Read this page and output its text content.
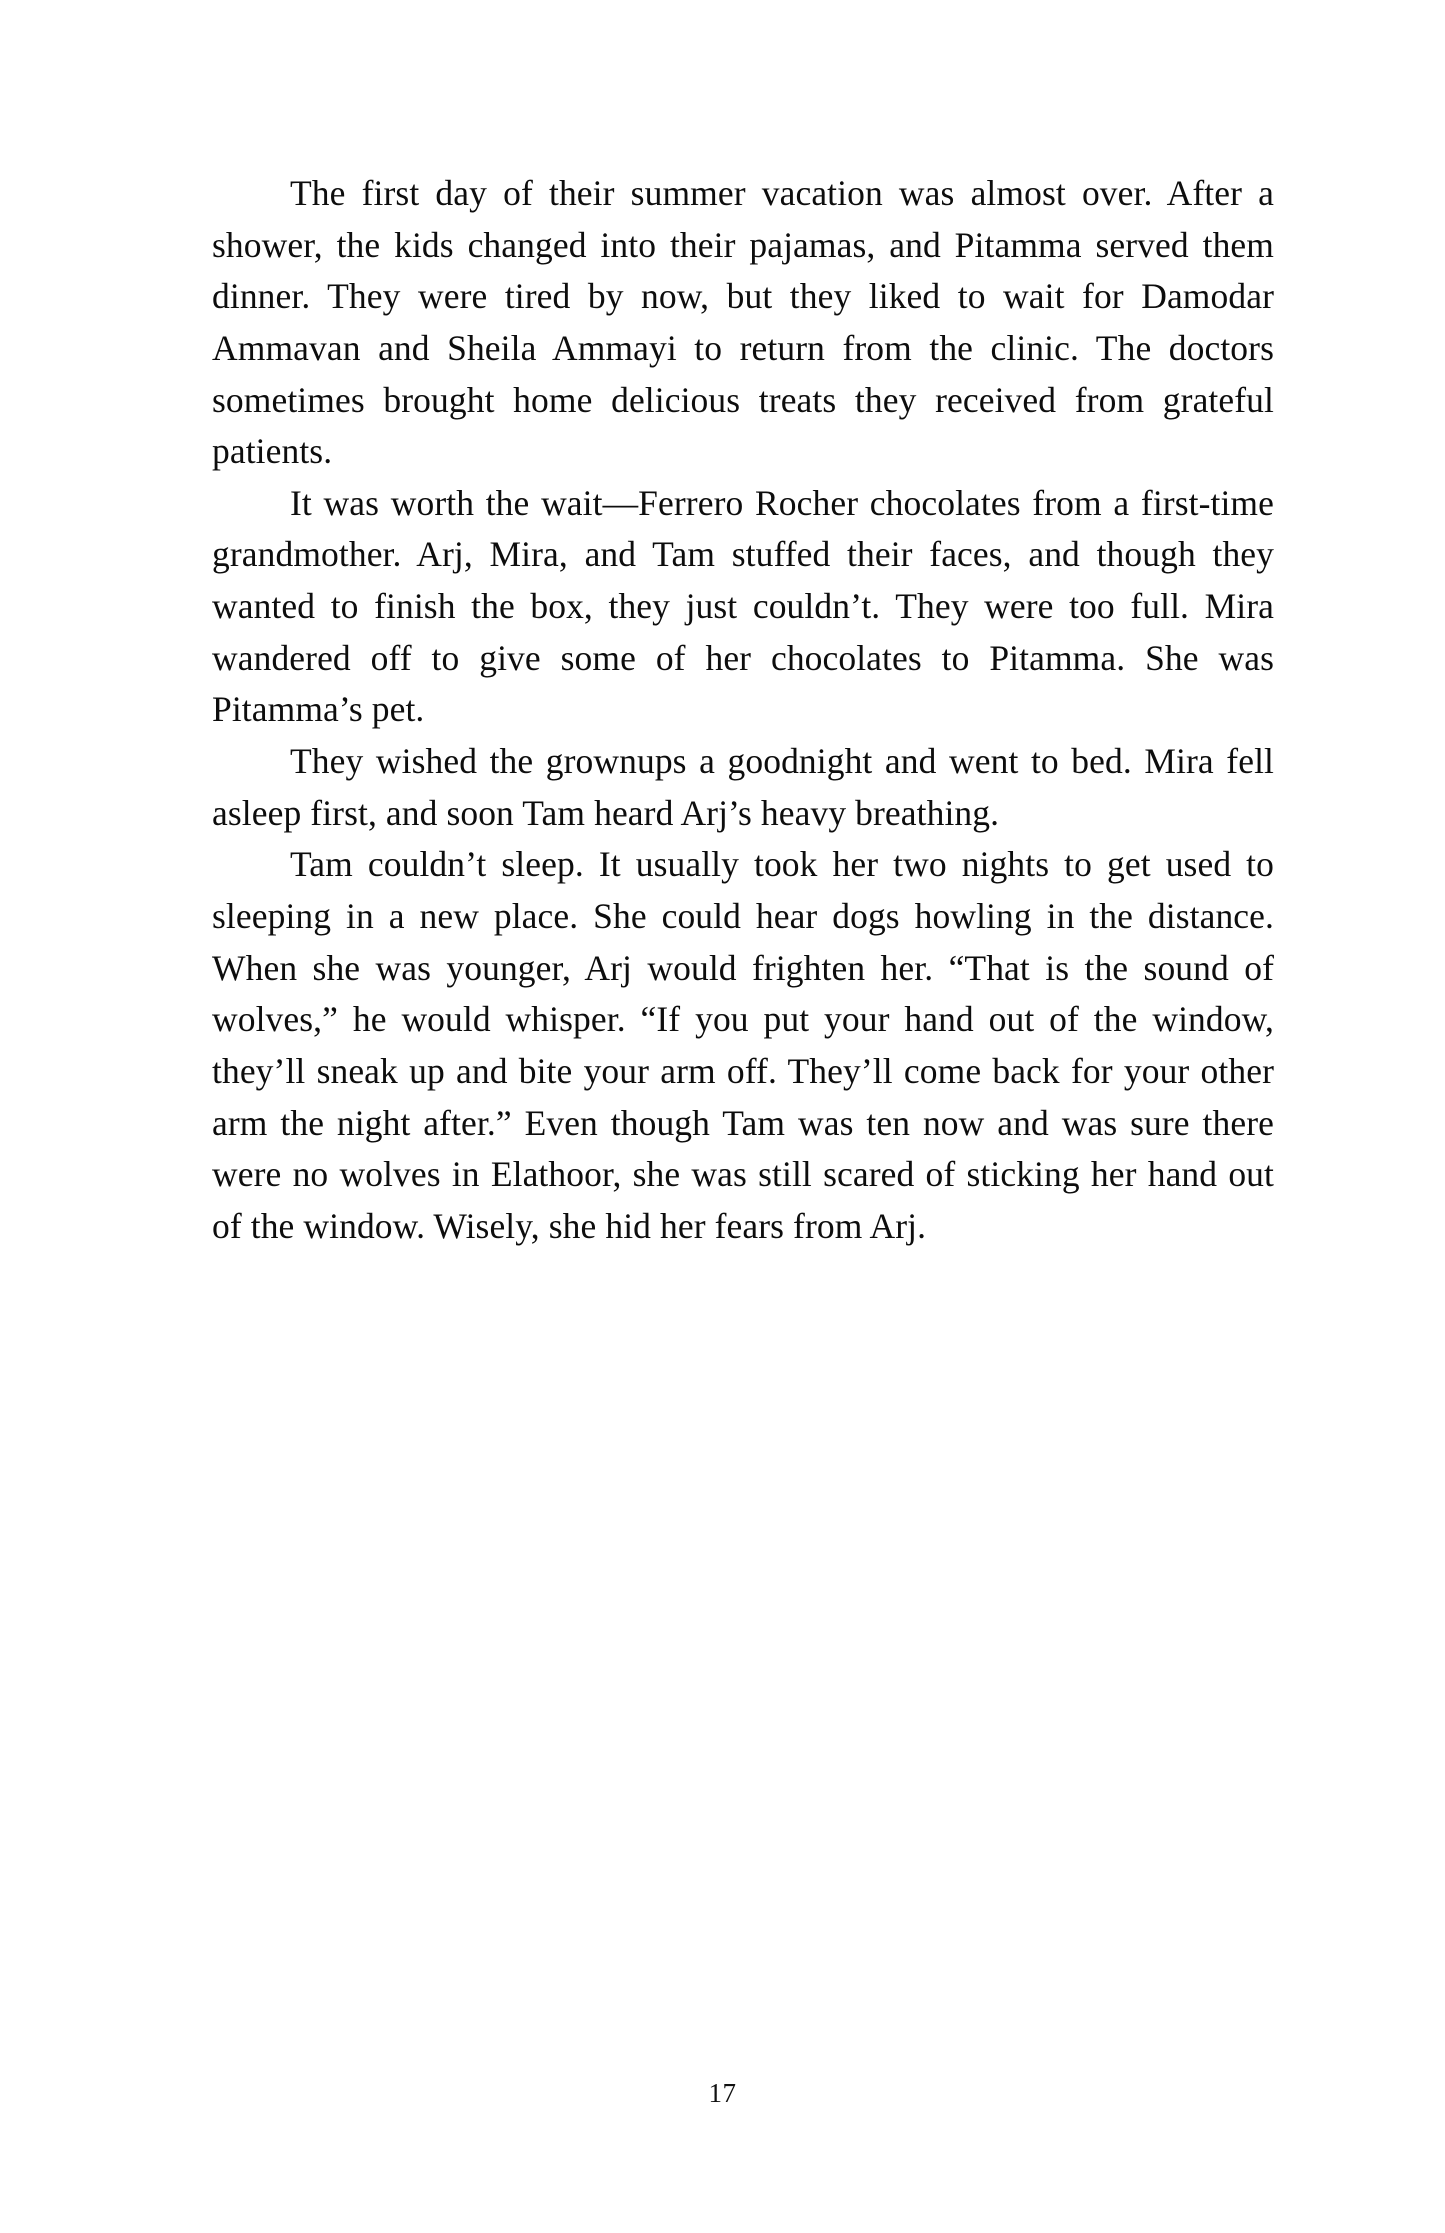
The first day of their summer vacation was almost over. After a shower, the kids changed into their pajamas, and Pitamma served them dinner. They were tired by now, but they liked to wait for Damodar Ammavan and Sheila Ammayi to return from the clinic. The doctors sometimes brought home delicious treats they received from grateful patients.

It was worth the wait—Ferrero Rocher chocolates from a first-time grandmother. Arj, Mira, and Tam stuffed their faces, and though they wanted to finish the box, they just couldn’t. They were too full. Mira wandered off to give some of her chocolates to Pitamma. She was Pitamma’s pet.

They wished the grownups a goodnight and went to bed. Mira fell asleep first, and soon Tam heard Arj’s heavy breathing.

Tam couldn’t sleep. It usually took her two nights to get used to sleeping in a new place. She could hear dogs howling in the distance. When she was younger, Arj would frighten her. “That is the sound of wolves,” he would whisper. “If you put your hand out of the window, they’ll sneak up and bite your arm off. They’ll come back for your other arm the night after.” Even though Tam was ten now and was sure there were no wolves in Elathoor, she was still scared of sticking her hand out of the window. Wisely, she hid her fears from Arj.

17
